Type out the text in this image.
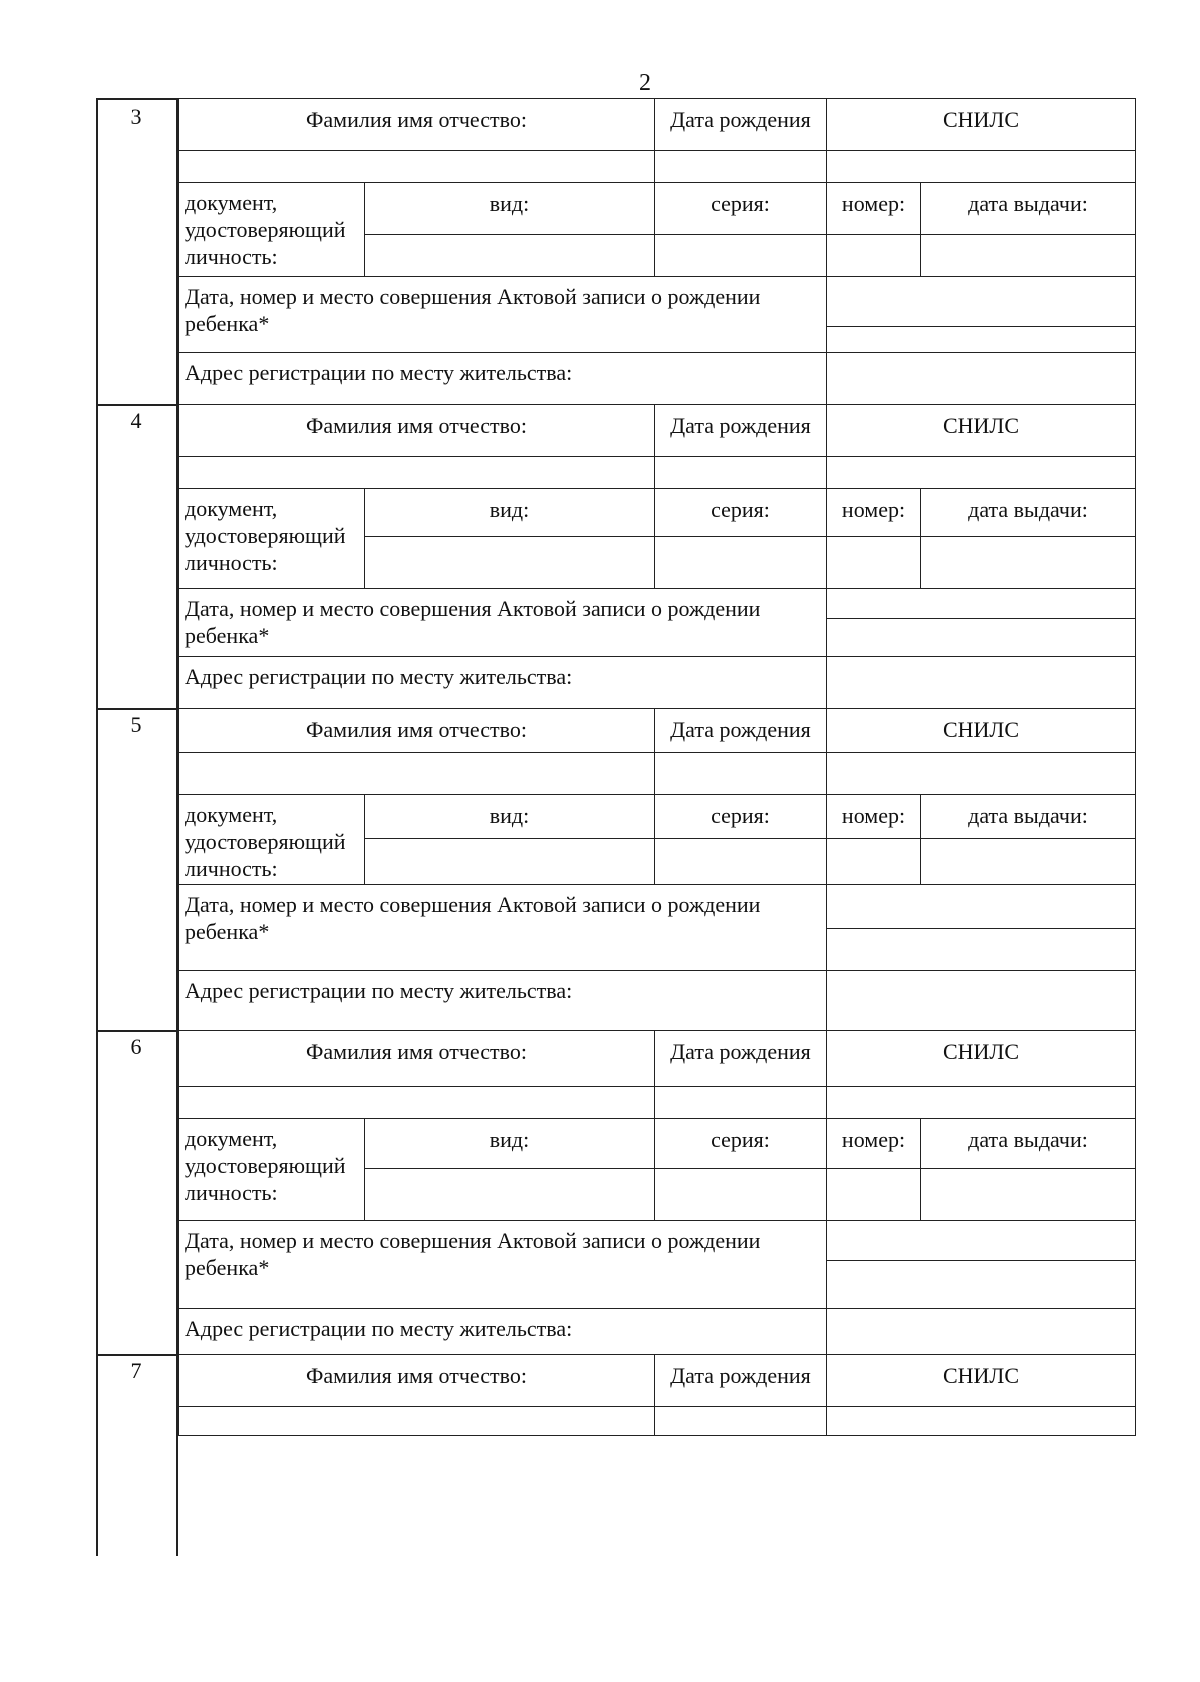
2
3	Фамилия имя отчество:		Дата рождения	СНИЛС	

документ, удостоверяющий личность:	вид:	серия:	номер:	дата выдачи:

Дата, номер и место совершения Актовой записи о рождении ребенка*				

Адрес регистрации по месту жительства:				
4	Фамилия имя отчество:		Дата рождения	СНИЛС	

документ, удостоверяющий личность:	вид:	серия:	номер:	дата выдачи:

Дата, номер и место совершения Актовой записи о рождении ребенка*				

Адрес регистрации по месту жительства:				
5	Фамилия имя отчество:		Дата рождения	СНИЛС	

документ, удостоверяющий личность:	вид:	серия:	номер:	дата выдачи:

Дата, номер и место совершения Актовой записи о рождении ребенка*				

Адрес регистрации по месту жительства:				
6	Фамилия имя отчество:		Дата рождения	СНИЛС	

документ, удостоверяющий личность:	вид:	серия:	номер:	дата выдачи:

Дата, номер и место совершения Актовой записи о рождении ребенка*				

Адрес регистрации по месту жительства:				
7	Фамилия имя отчество:	Дата рождения	СНИЛС
